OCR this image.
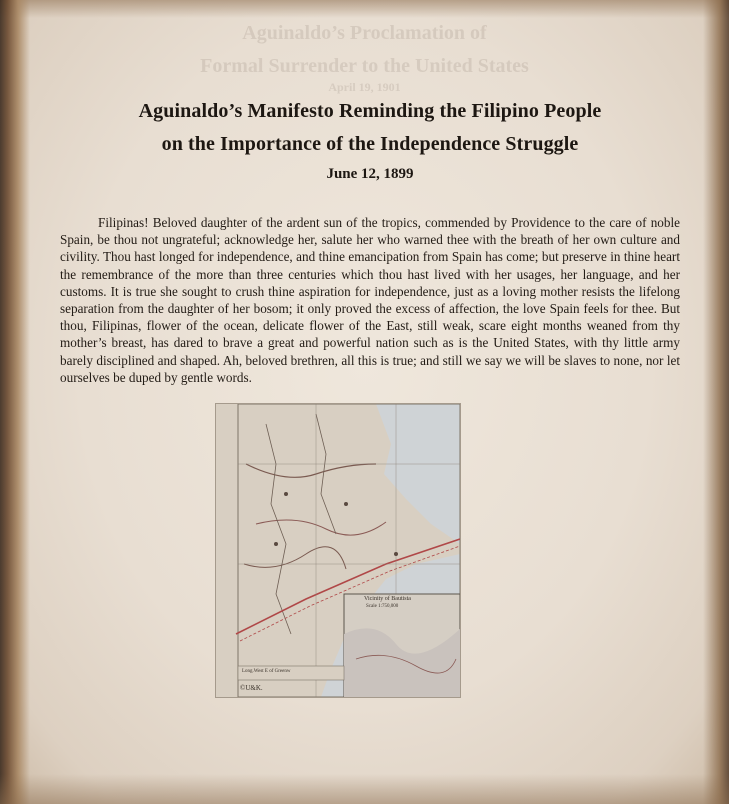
Aguinaldo’s Proclamation of
Formal Surrender to the United States
April 19, 1901
Aguinaldo’s Manifesto Reminding the Filipino People
on the Importance of the Independence Struggle
June 12, 1899
Filipinas! Beloved daughter of the ardent sun of the tropics, commended by Providence to the care of noble Spain, be thou not ungrateful; acknowledge her, salute her who warned thee with the breath of her own culture and civility. Thou hast longed for independence, and thine emancipation from Spain has come; but preserve in thine heart the remembrance of the more than three centuries which thou hast lived with her usages, her language, and her customs. It is true she sought to crush thine aspiration for independence, just as a loving mother resists the lifelong separation from the daughter of her bosom; it only proved the excess of affection, the love Spain feels for thee. But thou, Filipinas, flower of the ocean, delicate flower of the East, still weak, scare eight months weaned from thy mother’s breast, has dared to brave a great and powerful nation such as is the United States, with thy little army barely disciplined and shaped. Ah, beloved brethren, all this is true; and still we say we will be slaves to none, nor let ourselves be duped by gentle words.
Vicinity of Bautista
Scale 1:750,000
Long.West E of Greenw
©U&K.
